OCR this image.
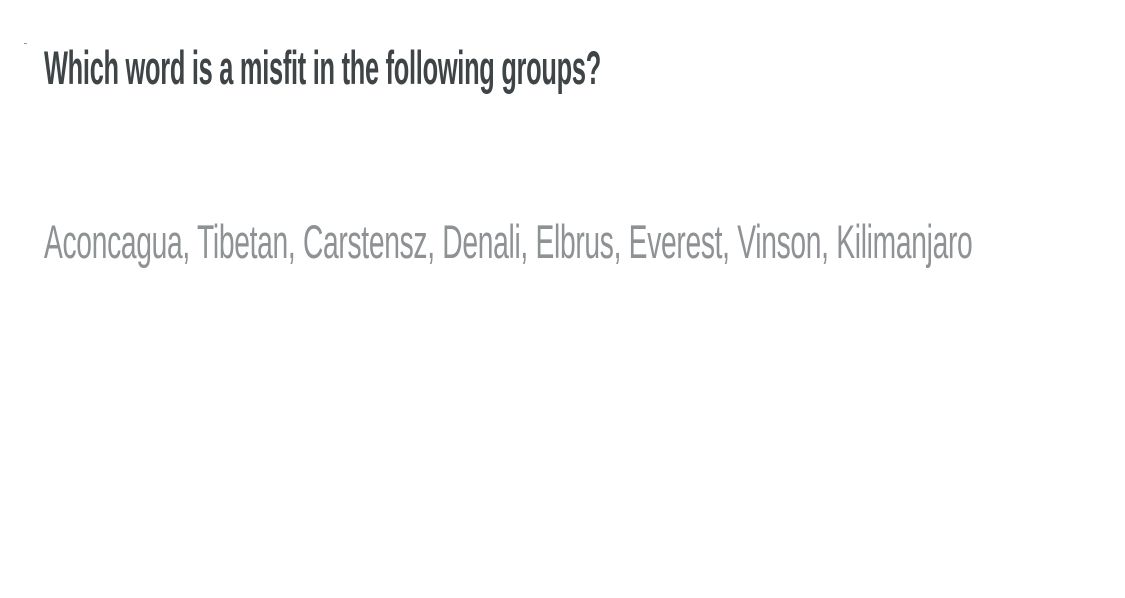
Which word is a misfit in the following groups?

Aconcagua, Tibetan, Carstensz, Denali, Elbrus, Everest, Vinson, Kilimanjaro
